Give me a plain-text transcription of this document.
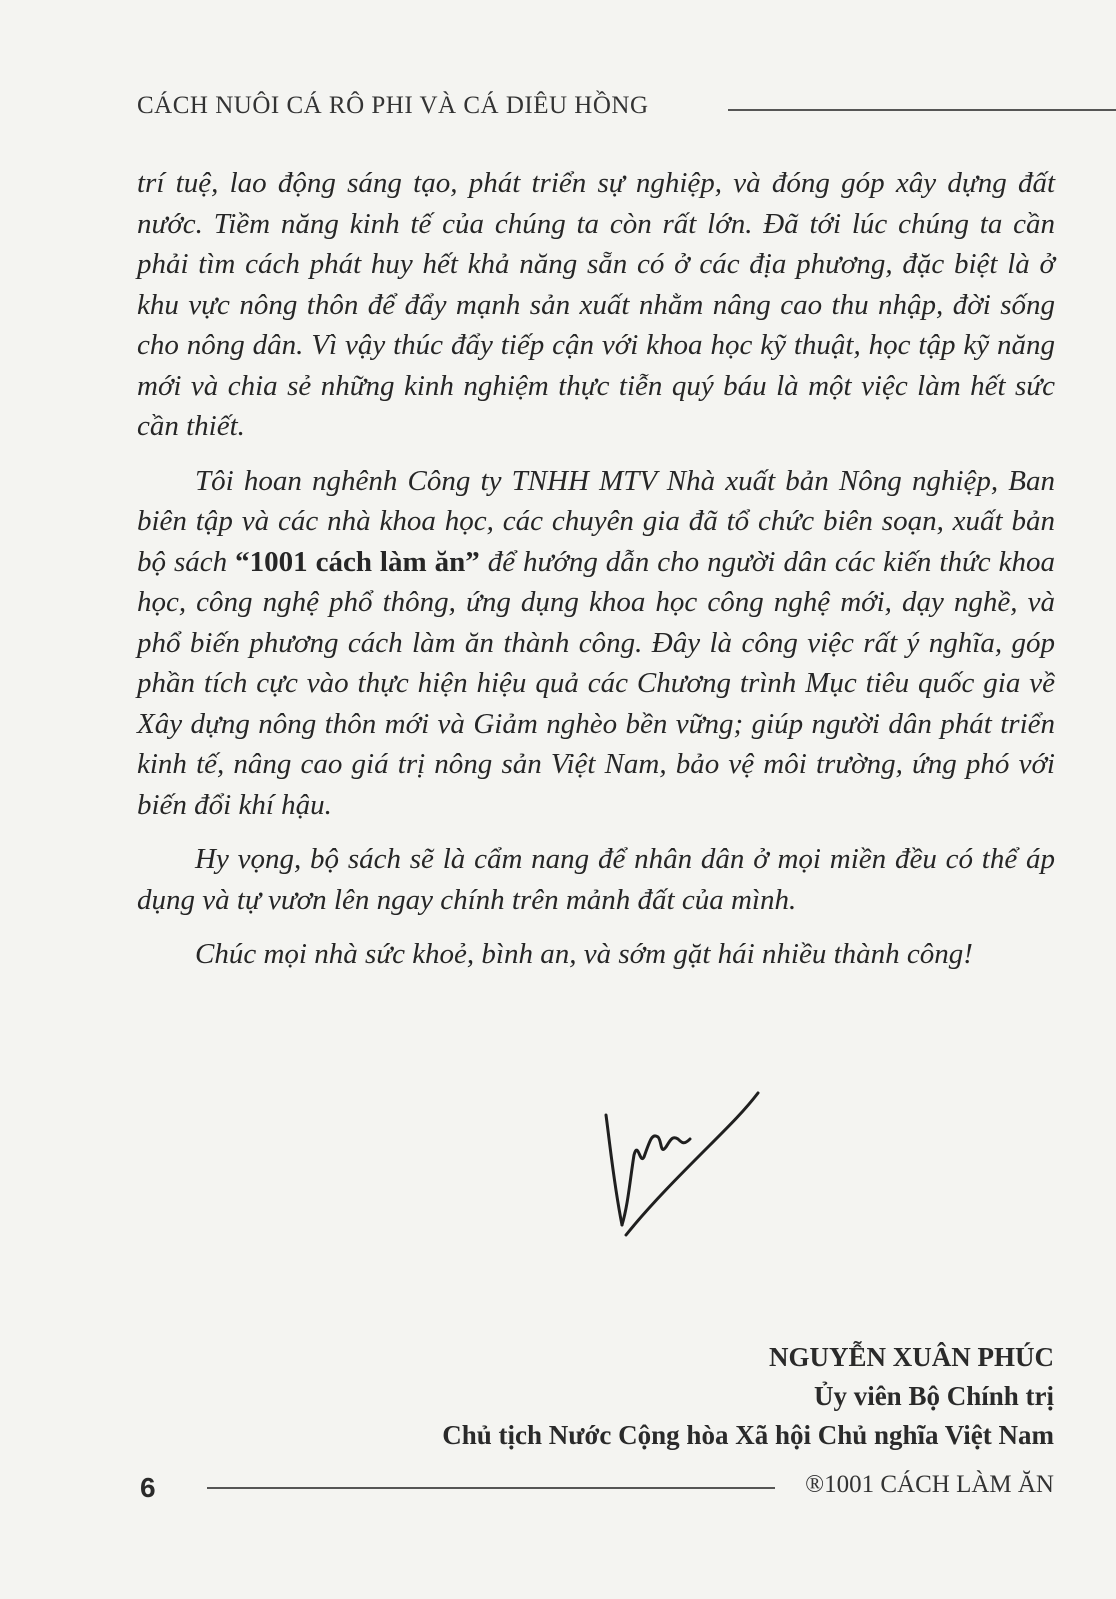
CÁCH NUÔI CÁ RÔ PHI VÀ CÁ DIÊU HỒNG

trí tuệ, lao động sáng tạo, phát triển sự nghiệp, và đóng góp xây dựng đất nước. Tiềm năng kinh tế của chúng ta còn rất lớn. Đã tới lúc chúng ta cần phải tìm cách phát huy hết khả năng sẵn có ở các địa phương, đặc biệt là ở khu vực nông thôn để đẩy mạnh sản xuất nhằm nâng cao thu nhập, đời sống cho nông dân. Vì vậy thúc đẩy tiếp cận với khoa học kỹ thuật, học tập kỹ năng mới và chia sẻ những kinh nghiệm thực tiễn quý báu là một việc làm hết sức cần thiết.

Tôi hoan nghênh Công ty TNHH MTV Nhà xuất bản Nông nghiệp, Ban biên tập và các nhà khoa học, các chuyên gia đã tổ chức biên soạn, xuất bản bộ sách “1001 cách làm ăn” để hướng dẫn cho người dân các kiến thức khoa học, công nghệ phổ thông, ứng dụng khoa học công nghệ mới, dạy nghề, và phổ biến phương cách làm ăn thành công. Đây là công việc rất ý nghĩa, góp phần tích cực vào thực hiện hiệu quả các Chương trình Mục tiêu quốc gia về Xây dựng nông thôn mới và Giảm nghèo bền vững; giúp người dân phát triển kinh tế, nâng cao giá trị nông sản Việt Nam, bảo vệ môi trường, ứng phó với biến đổi khí hậu.

Hy vọng, bộ sách sẽ là cẩm nang để nhân dân ở mọi miền đều có thể áp dụng và tự vươn lên ngay chính trên mảnh đất của mình.

Chúc mọi nhà sức khoẻ, bình an, và sớm gặt hái nhiều thành công!

NGUYỄN XUÂN PHÚC
Ủy viên Bộ Chính trị
Chủ tịch Nước Cộng hòa Xã hội Chủ nghĩa Việt Nam
6	®1001 CÁCH LÀM ĂN
